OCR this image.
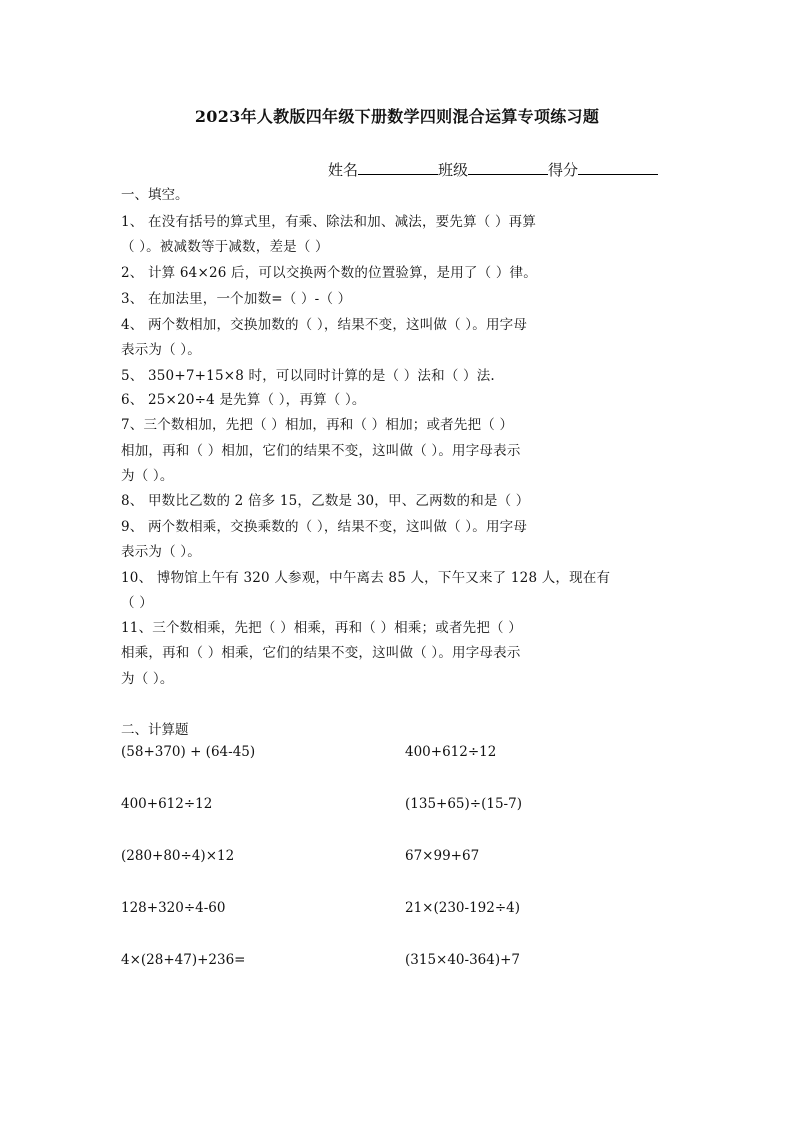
2023年人教版四年级下册数学四则混合运算专项练习题
姓名	班级	得分
一、填空。
1、 在没有括号的算式里，有乘、除法和加、减法，要先算（ ）再算
（ ）。被减数等于减数，差是（ ）
2、 计算 64×26 后，可以交换两个数的位置验算，是用了（ ）律。
3、 在加法里，一个加数=（ ）-（ ）
4、 两个数相加，交换加数的（ ），结果不变，这叫做（ ）。用字母
表示为（ ）。
5、 350+7+15×8 时，可以同时计算的是（ ）法和（ ）法.
6、 25×20÷4 是先算（ ），再算（ ）。
7、三个数相加，先把（ ）相加，再和（ ）相加；或者先把（ ）
相加，再和（ ）相加，它们的结果不变，这叫做（ ）。用字母表示
为（ ）。
8、 甲数比乙数的 2 倍多 15，乙数是 30，甲、乙两数的和是（ ）
9、 两个数相乘，交换乘数的（ ），结果不变，这叫做（ ）。用字母
表示为（ ）。
10、 博物馆上午有 320 人参观，中午离去 85 人，下午又来了 128 人，现在有
（ ）
11、三个数相乘，先把（ ）相乘，再和（ ）相乘；或者先把（ ）
相乘，再和（ ）相乘，它们的结果不变，这叫做（ ）。用字母表示
为（ ）。
二、计算题
(58+370) + (64-45)	400+612÷12
400+612÷12	(135+65)÷(15-7)
(280+80÷4)×12	67×99+67
128+320÷4-60	21×(230-192÷4)
4×(28+47)+236=	(315×40-364)+7
